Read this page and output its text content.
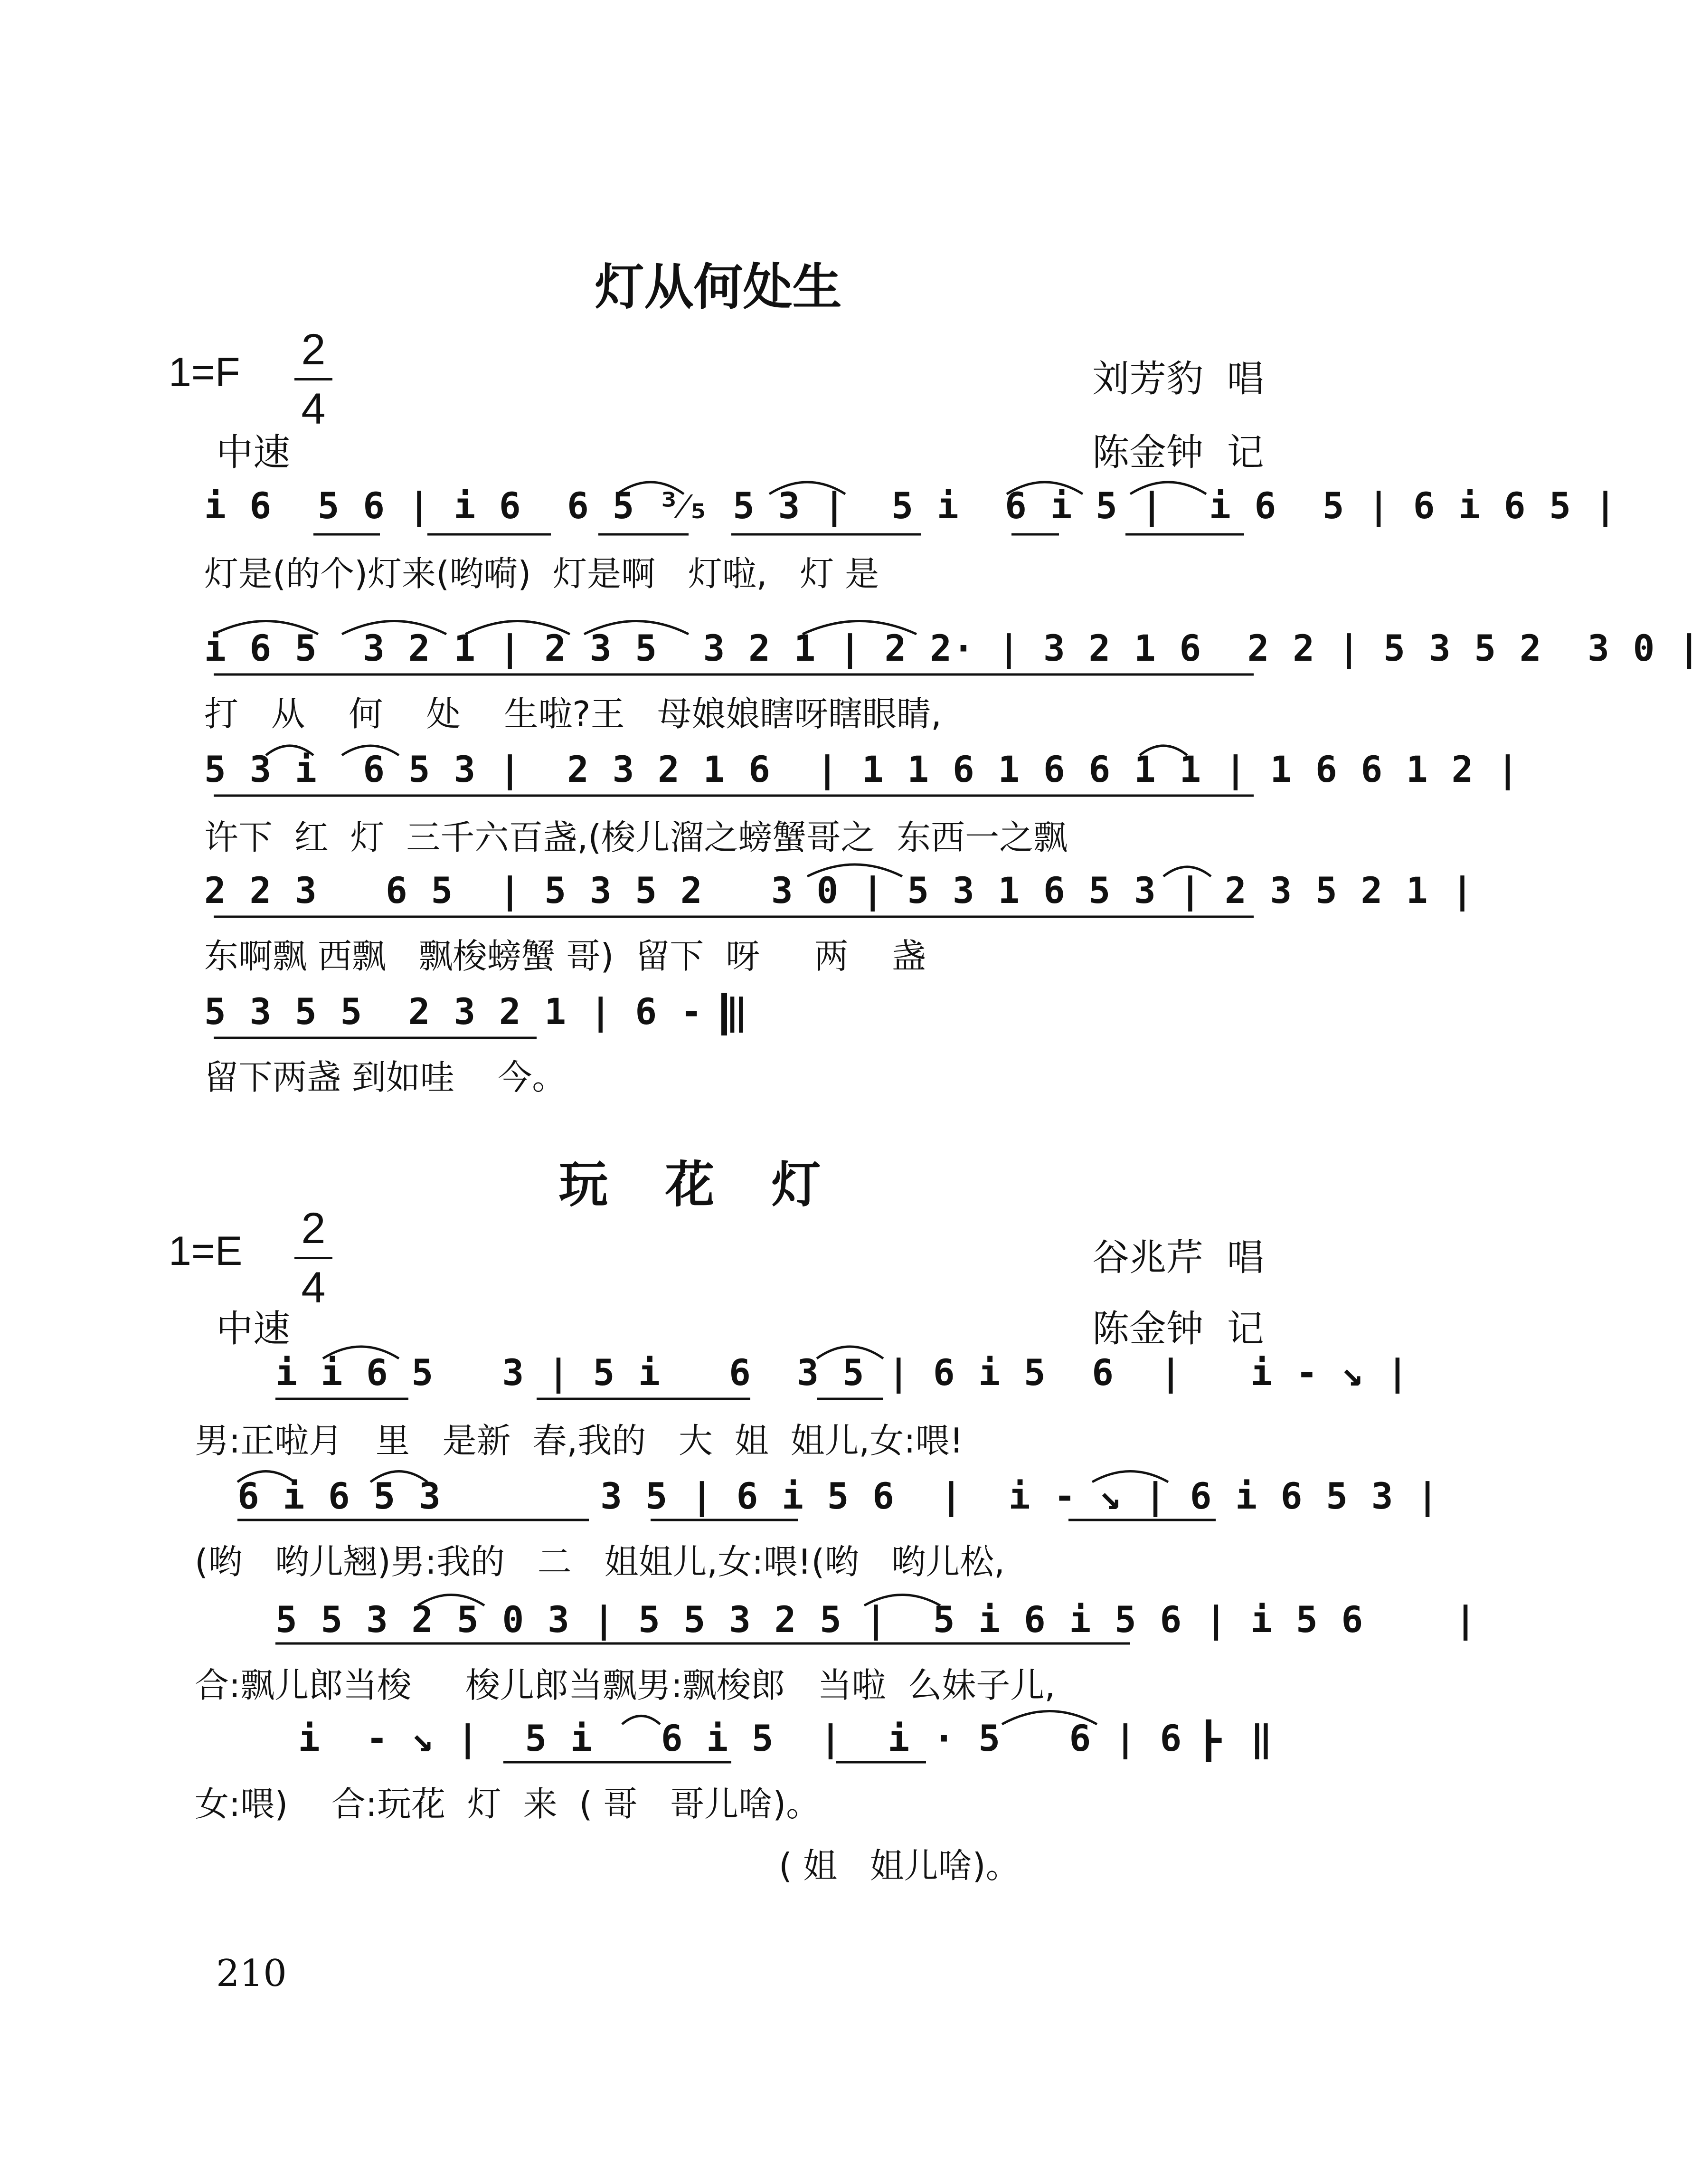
灯从何处生
1=F 2
4
刘芳豹  唱
中速	陈金钟  记
i 6  5 6 | i 6  6 5 ³⁄₅ 5 3 |  5 i  6 i 5 |  i 6  5 | 6 i 6 5 |
灯是(的个)灯来(哟嗬)  灯是啊   灯啦,   灯 是
i 6 5  3 2 1 | 2 3 5  3 2 1 | 2 2· | 3 2 1 6  2 2 | 5 3 5 2  3 0 |
打   从    何    处    生啦?王   母娘娘瞎呀瞎眼睛,
5 3 i  6 5 3 |  2 3 2 1 6  | 1 1 6 1 6 6 1 1 | 1 6 6 1 2 |
许下  红  灯  三千六百盏,(梭儿溜之螃蟹哥之  东西一之飘
2 2 3   6 5  | 5 3 5 2   3 0 | 5 3 1 6 5 3 | 2 3 5 2 1 |
东啊飘 西飘   飘梭螃蟹 哥)  留下  呀     两    盏
5 3 5 5  2 3 2 1 | 6 - ‖
留下两盏 到如哇    今。
玩花灯
1=E 2
4
谷兆芹  唱
中速	陈金钟  记
i i 6 5   3 | 5 i   6  3 5 | 6 i 5  6  |   i - ↘ |
男:正啦月   里   是新  春,我的   大  姐  姐儿,女:喂!
6 i 6 5 3       3 5 | 6 i 5 6  |  i - ↘ | 6 i 6 5 3 |
(哟   哟儿翘)男:我的   二   姐姐儿,女:喂!(哟   哟儿松,
5 5 3 2 5 0 3 | 5 5 3 2 5 |  5 i 6 i 5 6 | i 5 6    |
合:飘儿郎当梭     梭儿郎当飘男:飘梭郎   当啦  么妹子儿,
i  - ↘ |  5 i   6 i 5  |  i · 5   6 | 6 - ‖
女:喂)    合:玩花  灯  来  ( 哥   哥儿啥)。
( 姐   姐儿啥)。
210
